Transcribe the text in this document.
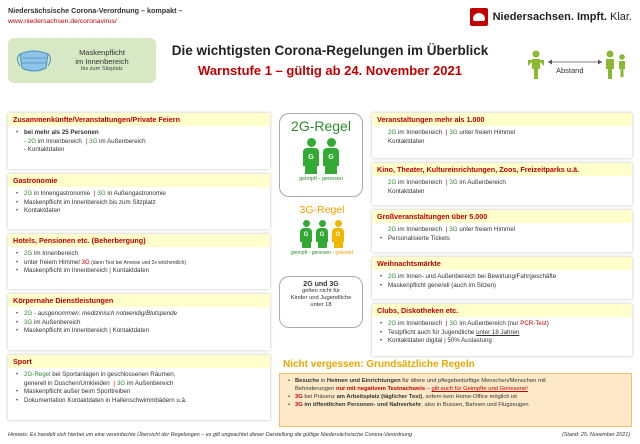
Niedersächsische Corona-Verordnung – kompakt –
www.niedersachsen.de/coronavirus/	Niedersachsen. Impft. Klar.
Maskenpflicht
im Innenbereich
bis zum Sitzplatz
Die wichtigsten Corona-Regelungen im Überblick
Warnstufe 1 – gültig ab 24. November 2021	Abstand
Zusammenkünfte/Veranstaltungen/Private Feiern
• bei mehr als 25 Personen
- 2G im Innenbereich | 3G im Außenbereich
- Kontaktdaten
Gastronomie
• 2G in Innengastronomie | 3G in Außengastronomie
• Maskenpflicht im Innenbereich bis zum Sitzplatz
• Kontaktdaten
Hotels, Pensionen etc. (Beherbergung)
• 2G im Innenbereich
• unter freiem Himmel 3G (dann Test bei Anreise und 2x wöchentlich)
• Maskenpflicht im Innenbereich | Kontaktdaten
Körpernahe Dienstleistungen
• 2G - ausgenommen: medizinisch notwendig/Blutspende
• 3G im Außenbereich
• Maskenpflicht im Innenbereich | Kontaktdaten
Sport
• 2G-Regel bei Sportanlagen in geschlossenen Räumen,
generell in Duschen/Umkleiden | 3G im Außenbereich
• Maskenpflicht außer beim Sporttreiben
• Dokumentation Kontaktdaten in Hallenschwimmbädern u.ä.
2G-Regel
G	G
geimpft - genesen
3G-Regel
G	G	G
geimpft - genesen - getestet
2G und 3G
gelten nicht für
Kinder und Jugendliche
unter 18
Veranstaltungen mehr als 1.000
2G im Innenbereich | 3G unter freiem Himmel
Kontaktdaten
Kino, Theater, Kultureinrichtungen, Zoos, Freizeitparks u.ä.
2G im Innenbereich | 3G im Außenbereich
Kontaktdaten
Großveranstaltungen über 5.000
2G im Innenbereich | 3G unter freiem Himmel
• Personalisierte Tickets
Weihnachtsmärkte
• 2G im Innen- und Außenbereich bei Bewirtung/Fahrgeschäfte
• Maskenpflicht generell (auch im Sitzen)
Clubs, Diskotheken etc.
• 2G im Innenbereich | 3G im Außenbereich (nur PCR-Test)
• Testpflicht auch für Jugendliche unter 18 Jahren
• Kontaktdaten digital | 50% Auslastung
Nicht vergessen: Grundsätzliche Regeln
• Besuche in Heimen und Einrichtungen für ältere und pflegebedürftige Menschen/Menschen mit
Behinderungen nur mit negativem Testnachweis – gilt auch für Geimpfte und Genesene!
• 3G bei Präsenz am Arbeitsplatz (täglicher Test), sofern kein Home-Office möglich ist
• 3G im öffentlichen Personen- und Nahverkehr, also in Bussen, Bahnen und Flugzeugen
Hinweis: Es handelt sich hierbei um eine vereinfachte Übersicht der Regelungen – es gilt ungeachtet dieser Darstellung die gültige Niedersächsische Corona-Verordnung	(Stand: 25. November 2021)
